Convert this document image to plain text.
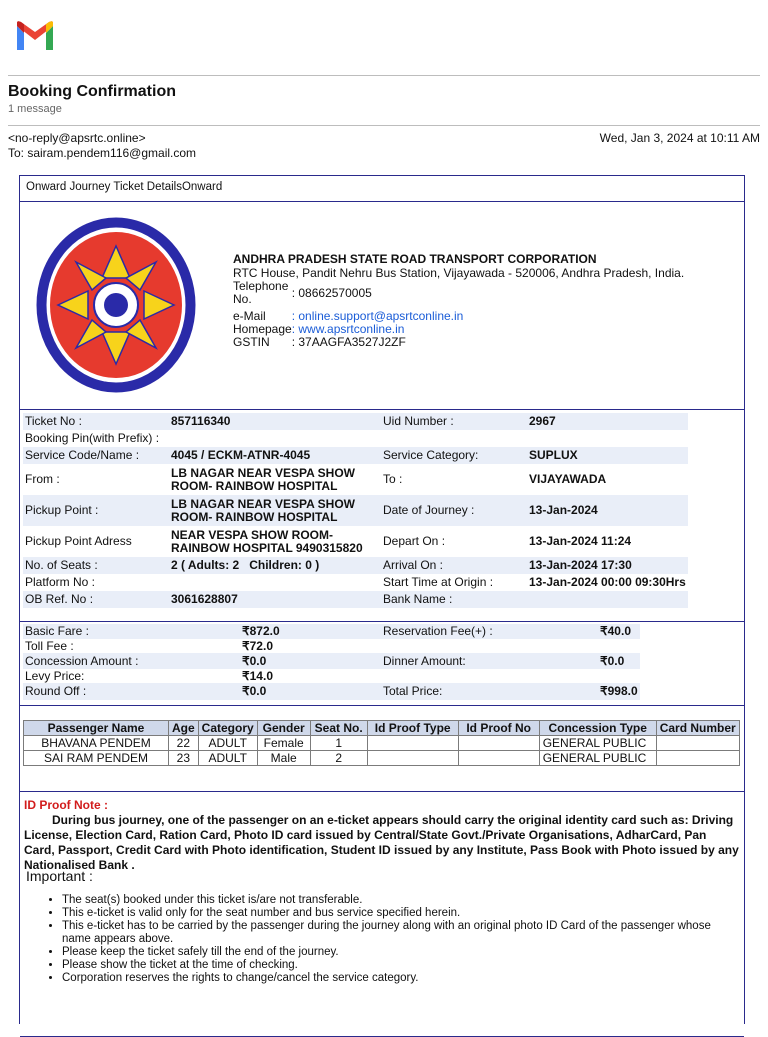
Booking Confirmation
1 message
<no-reply@apsrtc.online>
To: sairam.pendem116@gmail.com
Wed, Jan 3, 2024 at 10:11 AM
Onward Journey Ticket DetailsOnward
ANDHRA PRADESH STATE ROAD TRANSPORT CORPORATION
RTC House, Pandit Nehru Bus Station, Vijayawada - 520006, Andhra Pradesh, India.
Telephone No.	: 08662570005
e-Mail	: online.support@apsrtconline.in
Homepage	: www.apsrtconline.in
GSTIN	: 37AAGFA3527J2ZF
Ticket No :	857116340	Uid Number :	2967
Booking Pin(with Prefix) :			
Service Code/Name :	4045 / ECKM-ATNR-4045	Service Category:	SUPLUX
From :	LB NAGAR NEAR VESPA SHOW ROOM- RAINBOW HOSPITAL	To :	VIJAYAWADA
Pickup Point :	LB NAGAR NEAR VESPA SHOW ROOM- RAINBOW HOSPITAL	Date of Journey :	13-Jan-2024
Pickup Point Adress	NEAR VESPA SHOW ROOM- RAINBOW HOSPITAL 9490315820	Depart On :	13-Jan-2024 11:24
No. of Seats :	2 ( Adults: 2   Children: 0 )	Arrival On :	13-Jan-2024 17:30
Platform No :		Start Time at Origin :	13-Jan-2024 00:00 09:30Hrs
OB Ref. No :	3061628807	Bank Name :	
Basic Fare :	₹872.0	Reservation Fee(+) :	₹40.0
Toll Fee :	₹72.0		
Concession Amount :	₹0.0	Dinner Amount:	₹0.0
Levy Price:	₹14.0		
Round Off :	₹0.0	Total Price:	₹998.0
Passenger Name	Age	Category	Gender	Seat No.	Id Proof Type	Id Proof No	Concession Type	Card Number
BHAVANA PENDEM	22	ADULT	Female	1			GENERAL PUBLIC	
SAI RAM PENDEM	23	ADULT	Male	2			GENERAL PUBLIC	
ID Proof Note :
During bus journey, one of the passenger on an e-ticket appears should carry the original identity card such as: Driving License, Election Card, Ration Card, Photo ID card issued by Central/State Govt./Private Organisations, AdharCard, Pan Card, Passport, Credit Card with Photo identification, Student ID issued by any Institute, Pass Book with Photo issued by any Nationalised Bank .
Important :
• The seat(s) booked under this ticket is/are not transferable.
• This e-ticket is valid only for the seat number and bus service specified herein.
• This e-ticket has to be carried by the passenger during the journey along with an original photo ID Card of the passenger whose name appears above.
• Please keep the ticket safely till the end of the journey.
• Please show the ticket at the time of checking.
• Corporation reserves the rights to change/cancel the service category.
